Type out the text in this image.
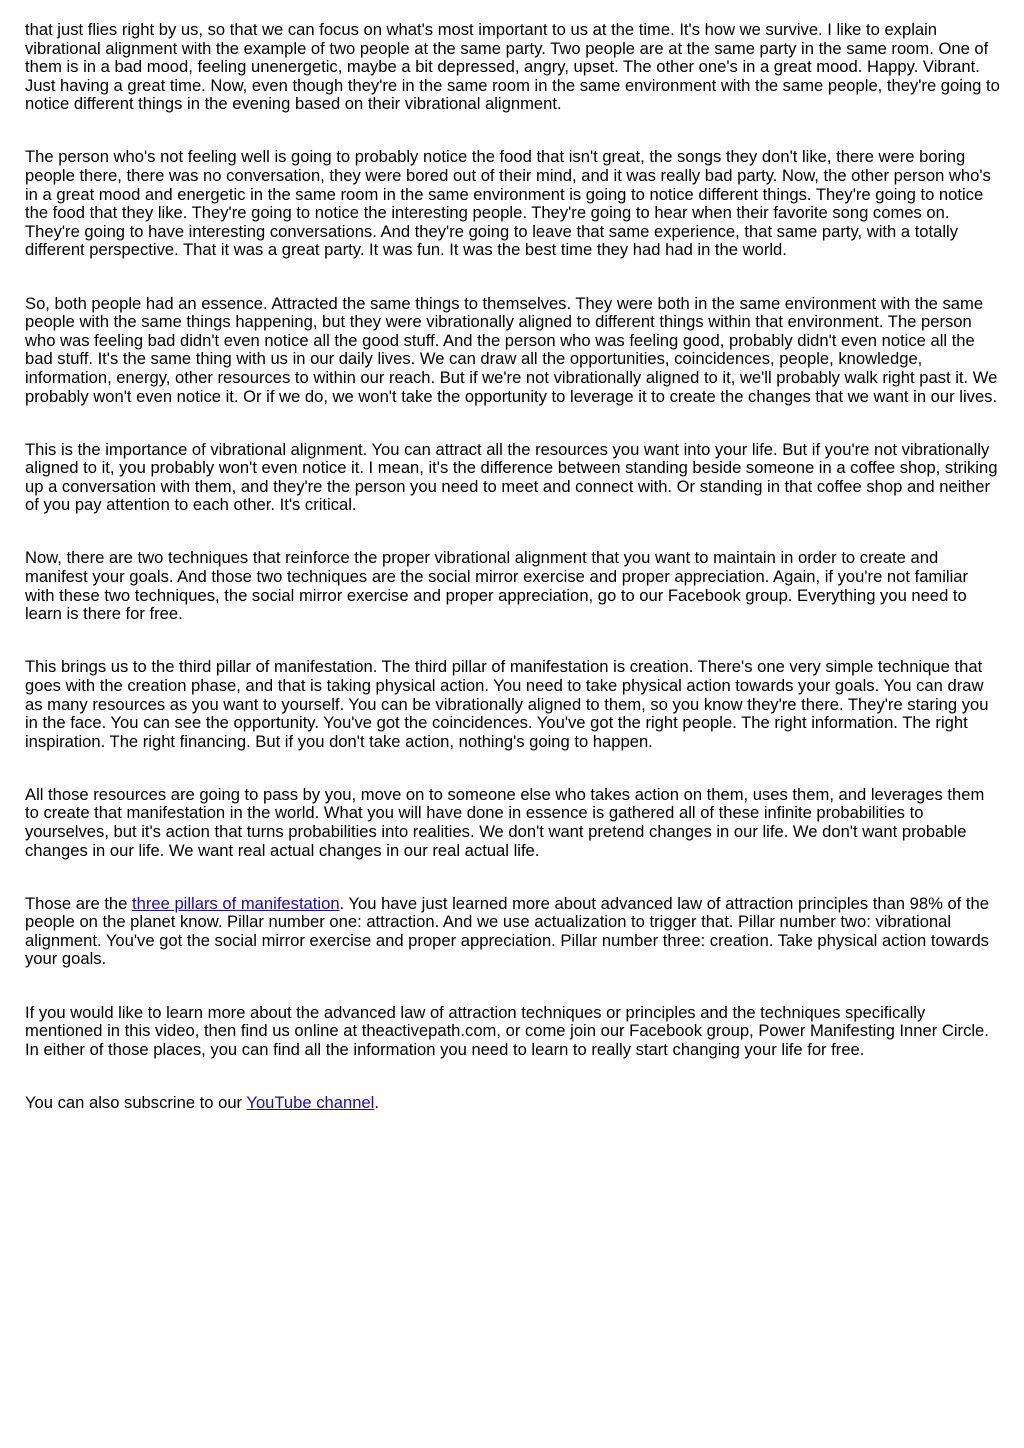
that just flies right by us, so that we can focus on what's most important to us at the time. It's how we survive. I like to explain vibrational alignment with the example of two people at the same party. Two people are at the same party in the same room. One of them is in a bad mood, feeling unenergetic, maybe a bit depressed, angry, upset. The other one's in a great mood. Happy. Vibrant. Just having a great time. Now, even though they're in the same room in the same environment with the same people, they're going to notice different things in the evening based on their vibrational alignment.

The person who's not feeling well is going to probably notice the food that isn't great, the songs they don't like, there were boring people there, there was no conversation, they were bored out of their mind, and it was really bad party. Now, the other person who's in a great mood and energetic in the same room in the same environment is going to notice different things. They're going to notice the food that they like. They're going to notice the interesting people. They're going to hear when their favorite song comes on. They're going to have interesting conversations. And they're going to leave that same experience, that same party, with a totally different perspective. That it was a great party. It was fun. It was the best time they had had in the world.

So, both people had an essence. Attracted the same things to themselves. They were both in the same environment with the same people with the same things happening, but they were vibrationally aligned to different things within that environment. The person who was feeling bad didn't even notice all the good stuff. And the person who was feeling good, probably didn't even notice all the bad stuff. It's the same thing with us in our daily lives. We can draw all the opportunities, coincidences, people, knowledge, information, energy, other resources to within our reach. But if we're not vibrationally aligned to it, we'll probably walk right past it. We probably won't even notice it. Or if we do, we won't take the opportunity to leverage it to create the changes that we want in our lives.

This is the importance of vibrational alignment. You can attract all the resources you want into your life. But if you're not vibrationally aligned to it, you probably won't even notice it. I mean, it's the difference between standing beside someone in a coffee shop, striking up a conversation with them, and they're the person you need to meet and connect with. Or standing in that coffee shop and neither of you pay attention to each other. It's critical.

Now, there are two techniques that reinforce the proper vibrational alignment that you want to maintain in order to create and manifest your goals. And those two techniques are the social mirror exercise and proper appreciation. Again, if you're not familiar with these two techniques, the social mirror exercise and proper appreciation, go to our Facebook group. Everything you need to learn is there for free.

This brings us to the third pillar of manifestation. The third pillar of manifestation is creation. There's one very simple technique that goes with the creation phase, and that is taking physical action. You need to take physical action towards your goals. You can draw as many resources as you want to yourself. You can be vibrationally aligned to them, so you know they're there. They're staring you in the face. You can see the opportunity. You've got the coincidences. You've got the right people. The right information. The right inspiration. The right financing. But if you don't take action, nothing's going to happen.

All those resources are going to pass by you, move on to someone else who takes action on them, uses them, and leverages them to create that manifestation in the world. What you will have done in essence is gathered all of these infinite probabilities to yourselves, but it's action that turns probabilities into realities. We don't want pretend changes in our life. We don't want probable changes in our life. We want real actual changes in our real actual life.

Those are the three pillars of manifestation. You have just learned more about advanced law of attraction principles than 98% of the people on the planet know. Pillar number one: attraction. And we use actualization to trigger that. Pillar number two: vibrational alignment. You've got the social mirror exercise and proper appreciation. Pillar number three: creation. Take physical action towards your goals.

If you would like to learn more about the advanced law of attraction techniques or principles and the techniques specifically mentioned in this video, then find us online at theactivepath.com, or come join our Facebook group, Power Manifesting Inner Circle. In either of those places, you can find all the information you need to learn to really start changing your life for free.

You can also subscrine to our YouTube channel.
